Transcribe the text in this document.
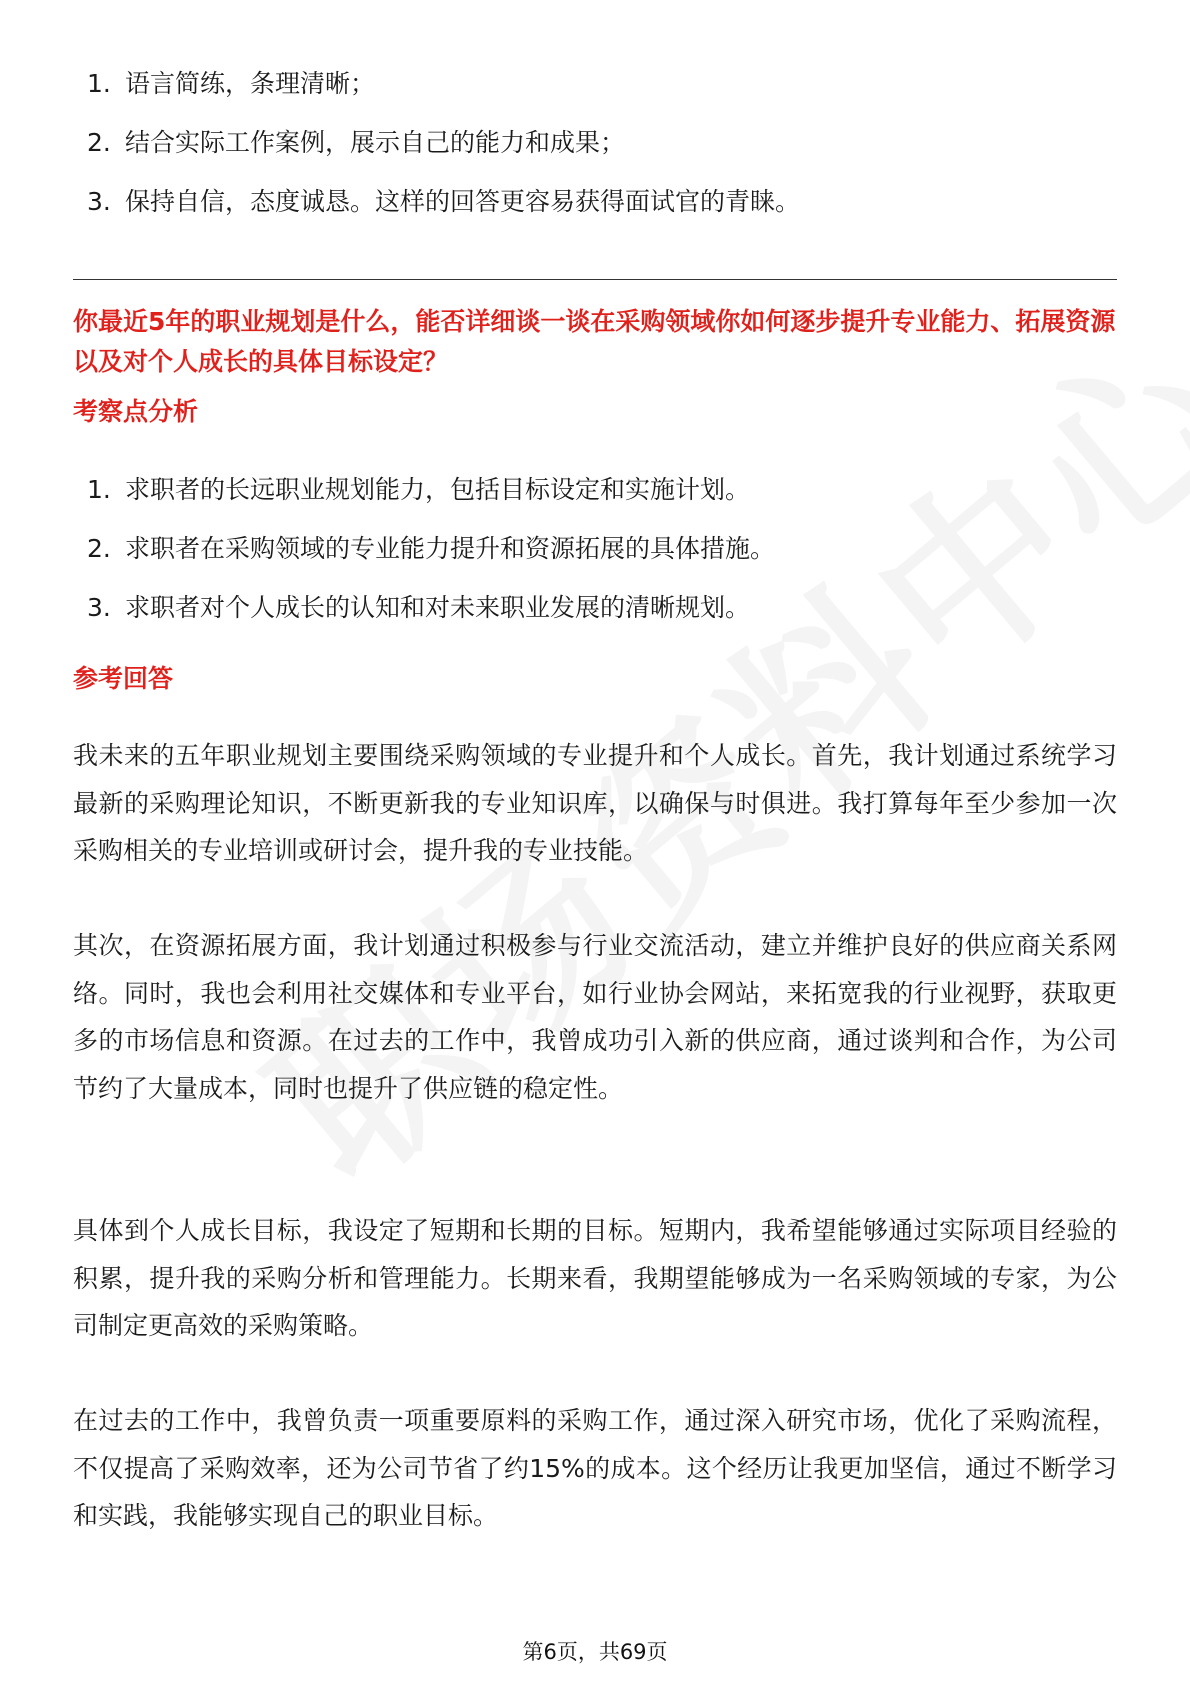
1. 语言简练，条理清晰；
2. 结合实际工作案例，展示自己的能力和成果；
3. 保持自信，态度诚恳。这样的回答更容易获得面试官的青睐。
你最近5年的职业规划是什么，能否详细谈一谈在采购领域你如何逐步提升专业能力、拓展资源以及对个人成长的具体目标设定？
考察点分析
1. 求职者的长远职业规划能力，包括目标设定和实施计划。
2. 求职者在采购领域的专业能力提升和资源拓展的具体措施。
3. 求职者对个人成长的认知和对未来职业发展的清晰规划。
参考回答

我未来的五年职业规划主要围绕采购领域的专业提升和个人成长。首先，我计划通过系统学习最新的采购理论知识，不断更新我的专业知识库，以确保与时俱进。我打算每年至少参加一次采购相关的专业培训或研讨会，提升我的专业技能。

其次，在资源拓展方面，我计划通过积极参与行业交流活动，建立并维护良好的供应商关系网络。同时，我也会利用社交媒体和专业平台，如行业协会网站，来拓宽我的行业视野，获取更多的市场信息和资源。在过去的工作中，我曾成功引入新的供应商，通过谈判和合作，为公司节约了大量成本，同时也提升了供应链的稳定性。

具体到个人成长目标，我设定了短期和长期的目标。短期内，我希望能够通过实际项目经验的积累，提升我的采购分析和管理能力。长期来看，我期望能够成为一名采购领域的专家，为公司制定更高效的采购策略。

在过去的工作中，我曾负责一项重要原料的采购工作，通过深入研究市场，优化了采购流程，不仅提高了采购效率，还为公司节省了约15%的成本。这个经历让我更加坚信，通过不断学习和实践，我能够实现自己的职业目标。

第6页，共69页
